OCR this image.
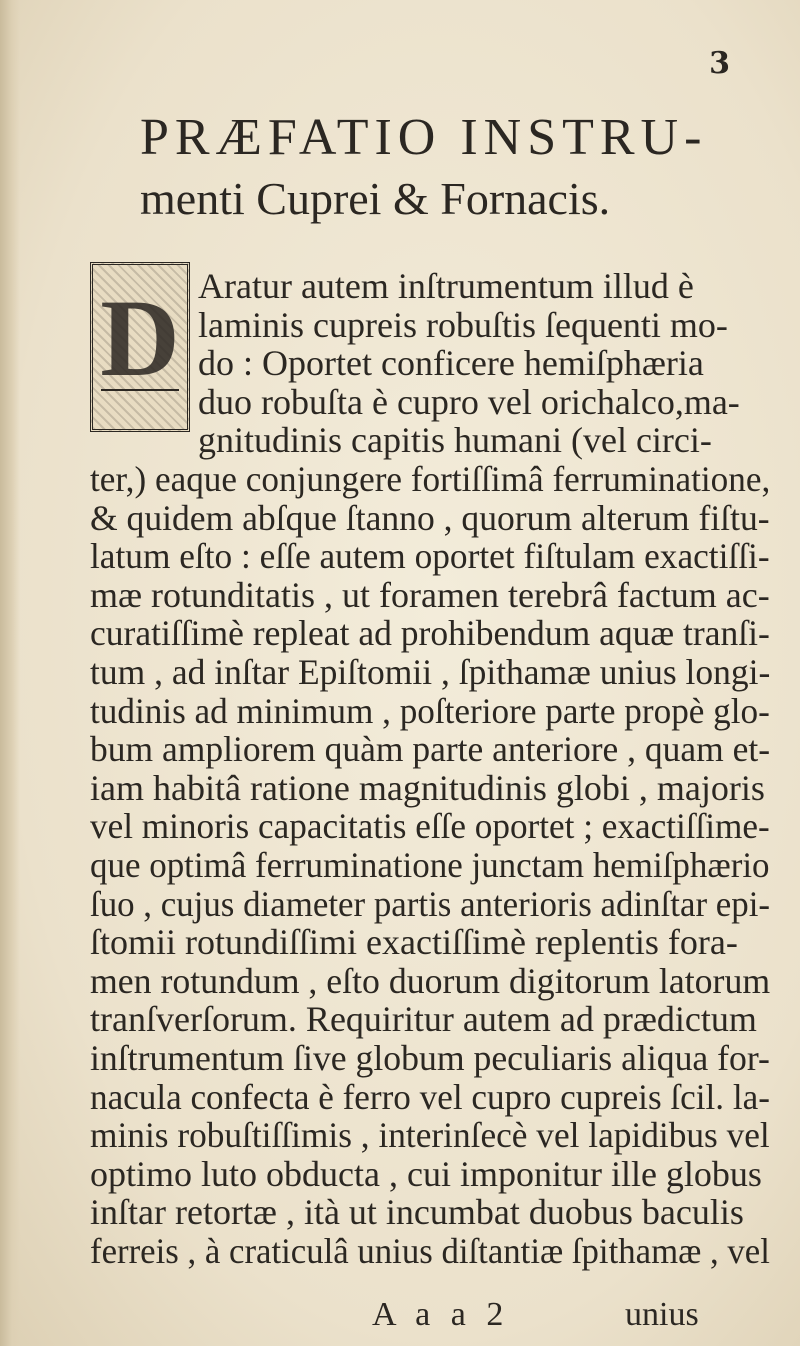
3
PRÆFATIO INSTRU-
menti Cuprei & Fornacis.
D Aratur autem inſtrumentum illud è
laminis cupreis robuſtis ſequenti mo-
do : Oportet conficere hemiſphæria
duo robuſta è cupro vel orichalco,ma-
gnitudinis capitis humani (vel circi-
ter,) eaque conjungere fortiſſimâ ferruminatione,
& quidem abſque ſtanno , quorum alterum fiſtu-
latum eſto : eſſe autem oportet fiſtulam exactiſſi-
mæ rotunditatis , ut foramen terebrâ factum ac-
curatiſſimè repleat ad prohibendum aquæ tranſi-
tum , ad inſtar Epiſtomii , ſpithamæ unius longi-
tudinis ad minimum , poſteriore parte propè glo-
bum ampliorem quàm parte anteriore , quam et-
iam habitâ ratione magnitudinis globi , majoris
vel minoris capacitatis eſſe oportet ; exactiſſime-
que optimâ ferruminatione junctam hemiſphærio
ſuo , cujus diameter partis anterioris adinſtar epi-
ſtomii rotundiſſimi exactiſſimè replentis fora-
men rotundum , eſto duorum digitorum latorum
tranſverſorum. Requiritur autem ad prædictum
inſtrumentum ſive globum peculiaris aliqua for-
nacula confecta è ferro vel cupro cupreis ſcil. la-
minis robuſtiſſimis , interinſecè vel lapidibus vel
optimo luto obducta , cui imponitur ille globus
inſtar retortæ , ità ut incumbat duobus baculis
A a a 2	unius
ferreis , à craticulâ unius diſtantiæ ſpithamæ , vel
